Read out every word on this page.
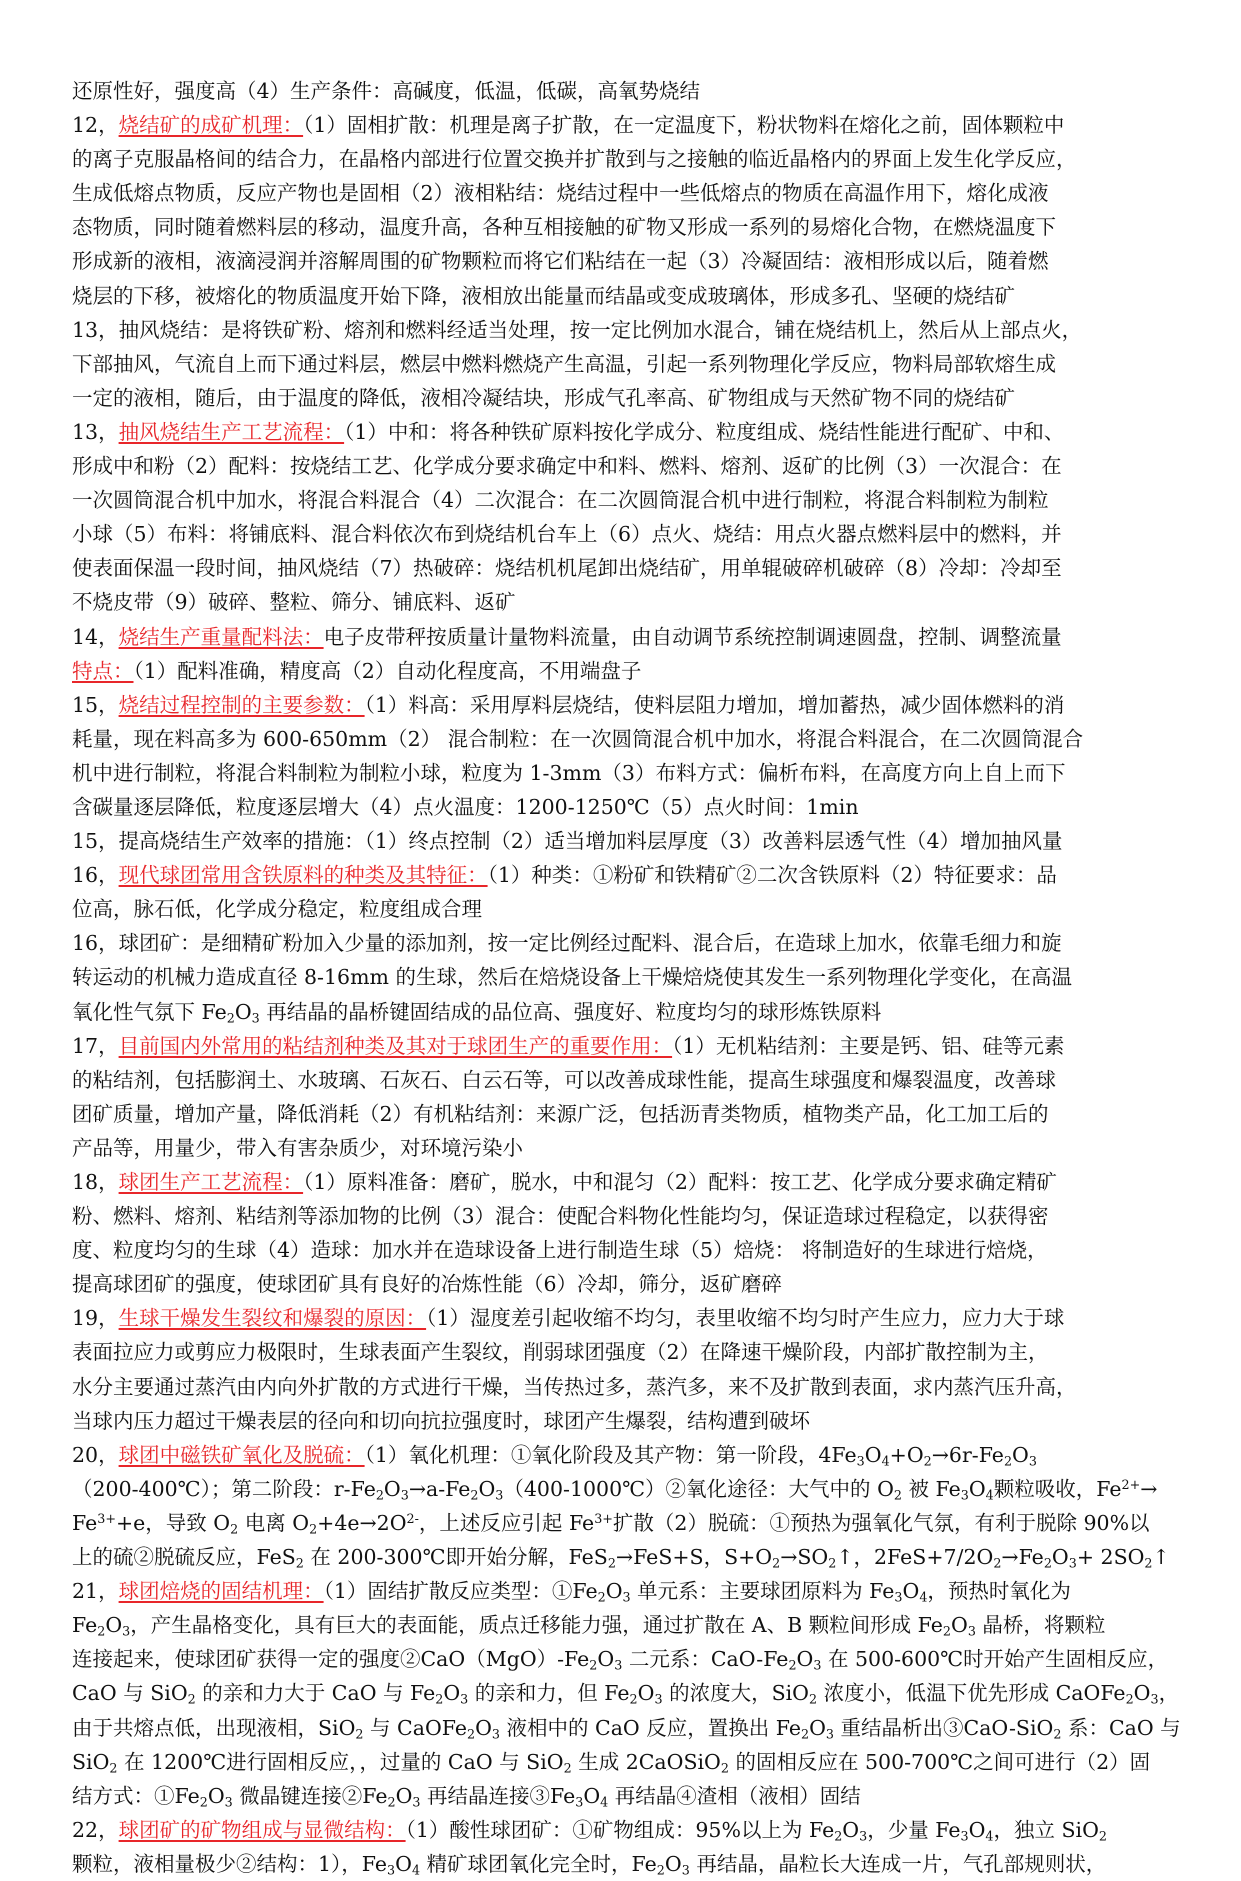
还原性好，强度高（4）生产条件：高碱度，低温，低碳，高氧势烧结
12，烧结矿的成矿机理：（1）固相扩散：机理是离子扩散，在一定温度下，粉状物料在熔化之前，固体颗粒中
的离子克服晶格间的结合力，在晶格内部进行位置交换并扩散到与之接触的临近晶格内的界面上发生化学反应，
生成低熔点物质，反应产物也是固相（2）液相粘结：烧结过程中一些低熔点的物质在高温作用下，熔化成液
态物质，同时随着燃料层的移动，温度升高，各种互相接触的矿物又形成一系列的易熔化合物，在燃烧温度下
形成新的液相，液滴浸润并溶解周围的矿物颗粒而将它们粘结在一起（3）冷凝固结：液相形成以后，随着燃
烧层的下移，被熔化的物质温度开始下降，液相放出能量而结晶或变成玻璃体，形成多孔、坚硬的烧结矿
13，抽风烧结：是将铁矿粉、熔剂和燃料经适当处理，按一定比例加水混合，铺在烧结机上，然后从上部点火，
下部抽风，气流自上而下通过料层，燃层中燃料燃烧产生高温，引起一系列物理化学反应，物料局部软熔生成
一定的液相，随后，由于温度的降低，液相冷凝结块，形成气孔率高、矿物组成与天然矿物不同的烧结矿
13，抽风烧结生产工艺流程：（1）中和：将各种铁矿原料按化学成分、粒度组成、烧结性能进行配矿、中和、
形成中和粉（2）配料：按烧结工艺、化学成分要求确定中和料、燃料、熔剂、返矿的比例（3）一次混合：在
一次圆筒混合机中加水，将混合料混合（4）二次混合：在二次圆筒混合机中进行制粒，将混合料制粒为制粒
小球（5）布料：将铺底料、混合料依次布到烧结机台车上（6）点火、烧结：用点火器点燃料层中的燃料，并
使表面保温一段时间，抽风烧结（7）热破碎：烧结机机尾卸出烧结矿，用单辊破碎机破碎（8）冷却：冷却至
不烧皮带（9）破碎、整粒、筛分、铺底料、返矿
14，烧结生产重量配料法：电子皮带秤按质量计量物料流量，由自动调节系统控制调速圆盘，控制、调整流量
特点：（1）配料准确，精度高（2）自动化程度高，不用端盘子
15，烧结过程控制的主要参数：（1）料高：采用厚料层烧结，使料层阻力增加，增加蓄热，减少固体燃料的消
耗量，现在料高多为 600-650mm（2） 混合制粒：在一次圆筒混合机中加水，将混合料混合，在二次圆筒混合
机中进行制粒，将混合料制粒为制粒小球，粒度为 1-3mm（3）布料方式：偏析布料，在高度方向上自上而下
含碳量逐层降低，粒度逐层增大（4）点火温度：1200-1250℃（5）点火时间：1min
15，提高烧结生产效率的措施：（1）终点控制（2）适当增加料层厚度（3）改善料层透气性（4）增加抽风量
16，现代球团常用含铁原料的种类及其特征：（1）种类：①粉矿和铁精矿②二次含铁原料（2）特征要求：品
位高，脉石低，化学成分稳定，粒度组成合理
16，球团矿：是细精矿粉加入少量的添加剂，按一定比例经过配料、混合后，在造球上加水，依靠毛细力和旋
转运动的机械力造成直径 8-16mm 的生球，然后在焙烧设备上干燥焙烧使其发生一系列物理化学变化，在高温
氧化性气氛下 $Fe_2O_3$ 再结晶的晶桥键固结成的品位高、强度好、粒度均匀的球形炼铁原料
17，目前国内外常用的粘结剂种类及其对于球团生产的重要作用：（1）无机粘结剂：主要是钙、铝、硅等元素
的粘结剂，包括膨润土、水玻璃、石灰石、白云石等，可以改善成球性能，提高生球强度和爆裂温度，改善球
团矿质量，增加产量，降低消耗（2）有机粘结剂：来源广泛，包括沥青类物质，植物类产品，化工加工后的
产品等，用量少，带入有害杂质少，对环境污染小
18，球团生产工艺流程：（1）原料准备：磨矿，脱水，中和混匀（2）配料：按工艺、化学成分要求确定精矿
粉、燃料、熔剂、粘结剂等添加物的比例（3）混合：使配合料物化性能均匀，保证造球过程稳定，以获得密
度、粒度均匀的生球（4）造球：加水并在造球设备上进行制造生球（5）焙烧： 将制造好的生球进行焙烧，
提高球团矿的强度，使球团矿具有良好的冶炼性能（6）冷却，筛分，返矿磨碎
19，生球干燥发生裂纹和爆裂的原因：（1）湿度差引起收缩不均匀，表里收缩不均匀时产生应力，应力大于球
表面拉应力或剪应力极限时，生球表面产生裂纹，削弱球团强度（2）在降速干燥阶段，内部扩散控制为主，
水分主要通过蒸汽由内向外扩散的方式进行干燥，当传热过多，蒸汽多，来不及扩散到表面，求内蒸汽压升高，
当球内压力超过干燥表层的径向和切向抗拉强度时，球团产生爆裂，结构遭到破坏
20，球团中磁铁矿氧化及脱硫：（1）氧化机理：①氧化阶段及其产物：第一阶段，$4Fe_3O_4+O_2\to 6r-Fe_2O_3$
（200-400℃）；第二阶段：$r-Fe_2O_3\to a-Fe_2O_3(400-1000℃)②$氧化途径：大气中的 $O_2$ 被 $Fe_3O_4$颗粒吸收，$Fe^{2+}\to$
$Fe^{3+}+e$，导致 $O_2$ 电离 $O_2+4e\to 2O^{2-}$，上述反应引起 $Fe^{3+}$扩散（2）脱硫：①预热为强氧化气氛，有利于脱除 90%以
上的硫②脱硫反应，FeS$_2$ 在 200-300℃即开始分解，FeS$_2$→FeS+S，$S+O_2\to SO_2↑$，$2FeS+7/2O_2\to Fe_2O_3+$ $2SO_2↑$
21，球团焙烧的固结机理：（1）固结扩散反应类型：$①Fe_2O_3$ 单元系：主要球团原料为 $Fe_3O_4$，预热时氧化为
$Fe_2O_3$，产生晶格变化，具有巨大的表面能，质点迁移能力强，通过扩散在 A、B 颗粒间形成 $Fe_2O_3$ 晶桥，将颗粒
连接起来，使球团矿获得一定的强度$②CaO(MgO)-Fe_2O_3$ 二元系：CaO-$Fe_2O_3$ 在 500-600℃时开始产生固相反应，
CaO 与 SiO$_2$ 的亲和力大于 CaO 与 $Fe_2O_3$ 的亲和力，但 $Fe_2O_3$ 的浓度大，SiO$_2$ 浓度小，低温下优先形成 $CaOFe_2O_3$，
由于共熔点低，出现液相，SiO$_2$ 与 $CaOFe_2O_3$ 液相中的 CaO 反应，置换出 $Fe_2O_3$ 重结晶析出③CaO-SiO$_2$ 系：CaO 与
SiO$_2$ 在 1200℃进行固相反应，，过量的 CaO 与 SiO$_2$ 生成 2CaOSiO$_2$ 的固相反应在 500-700℃之间可进行（2）固
结方式：$①Fe_2O_3$ 微晶键连接$②Fe_2O_3$ 再结晶连接$③Fe_3O_4$ 再结晶④渣相（液相）固结
22，球团矿的矿物组成与显微结构：（1）酸性球团矿：①矿物组成：95%以上为 $Fe_2O_3$，少量 $Fe_3O_4$，独立 SiO$_2$
颗粒，液相量极少②结构：1），$Fe_3O_4$ 精矿球团氧化完全时，$Fe_2O_3$ 再结晶，晶粒长大连成一片，气孔部规则状，
